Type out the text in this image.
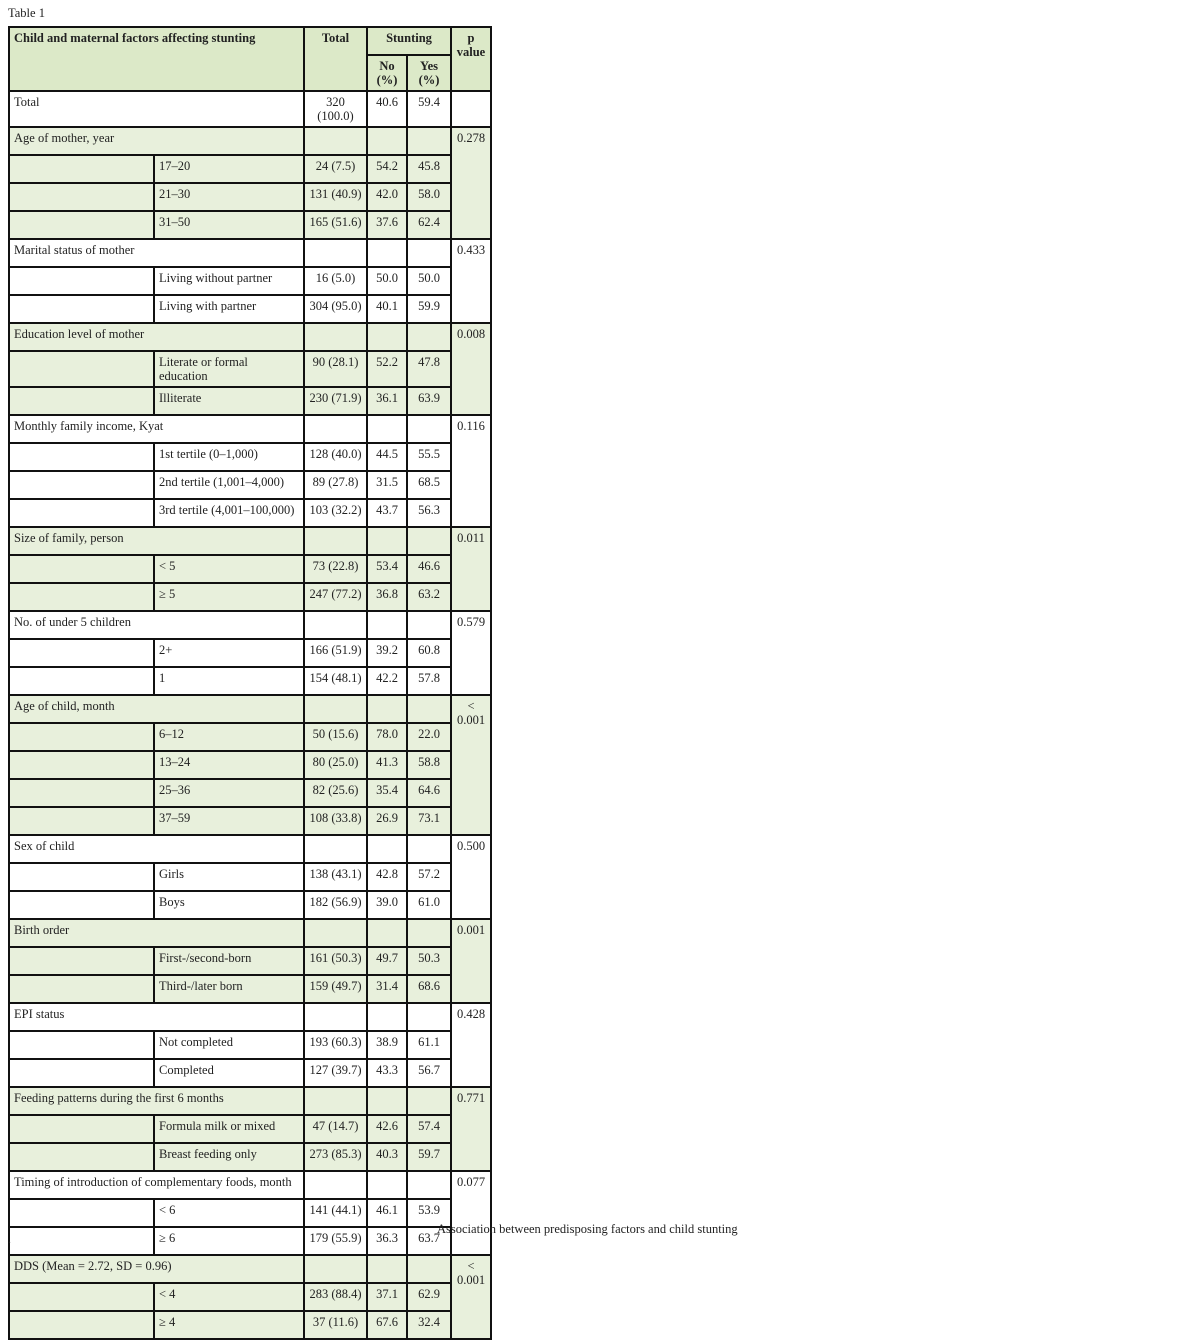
Table 1
Child and maternal factors affecting stunting		Total	Stunting		p value
			No (%)	Yes (%)	
Total		320 (100.0)	40.6	59.4	
Age of mother, year					0.278
	17–20	24 (7.5)	54.2	45.8	
	21–30	131 (40.9)	42.0	58.0	
	31–50	165 (51.6)	37.6	62.4	
Marital status of mother					0.433
	Living without partner	16 (5.0)	50.0	50.0	
	Living with partner	304 (95.0)	40.1	59.9	
Education level of mother					0.008
	Literate or formal education	90 (28.1)	52.2	47.8	
	Illiterate	230 (71.9)	36.1	63.9	
Monthly family income, Kyat					0.116
	1st tertile (0–1,000)	128 (40.0)	44.5	55.5	
	2nd tertile (1,001–4,000)	89 (27.8)	31.5	68.5	
	3rd tertile (4,001–100,000)	103 (32.2)	43.7	56.3	
Size of family, person					0.011
	< 5	73 (22.8)	53.4	46.6	
	≥ 5	247 (77.2)	36.8	63.2	
No. of under 5 children					0.579
	2+	166 (51.9)	39.2	60.8	
	1	154 (48.1)	42.2	57.8	
Age of child, month					< 0.001
	6–12	50 (15.6)	78.0	22.0	
	13–24	80 (25.0)	41.3	58.8	
	25–36	82 (25.6)	35.4	64.6	
	37–59	108 (33.8)	26.9	73.1	
Sex of child					0.500
	Girls	138 (43.1)	42.8	57.2	
	Boys	182 (56.9)	39.0	61.0	
Birth order					0.001
	First-/second-born	161 (50.3)	49.7	50.3	
	Third-/later born	159 (49.7)	31.4	68.6	
EPI status					0.428
	Not completed	193 (60.3)	38.9	61.1	
	Completed	127 (39.7)	43.3	56.7	
Feeding patterns during the first 6 months					0.771
	Formula milk or mixed	47 (14.7)	42.6	57.4	
	Breast feeding only	273 (85.3)	40.3	59.7	
Timing of introduction of complementary foods, month					0.077
	< 6	141 (44.1)	46.1	53.9	
	≥ 6	179 (55.9)	36.3	63.7	
DDS (Mean = 2.72, SD = 0.96)					< 0.001
	< 4	283 (88.4)	37.1	62.9	
	≥ 4	37 (11.6)	67.6	32.4	
Association between predisposing factors and child stunting
.
